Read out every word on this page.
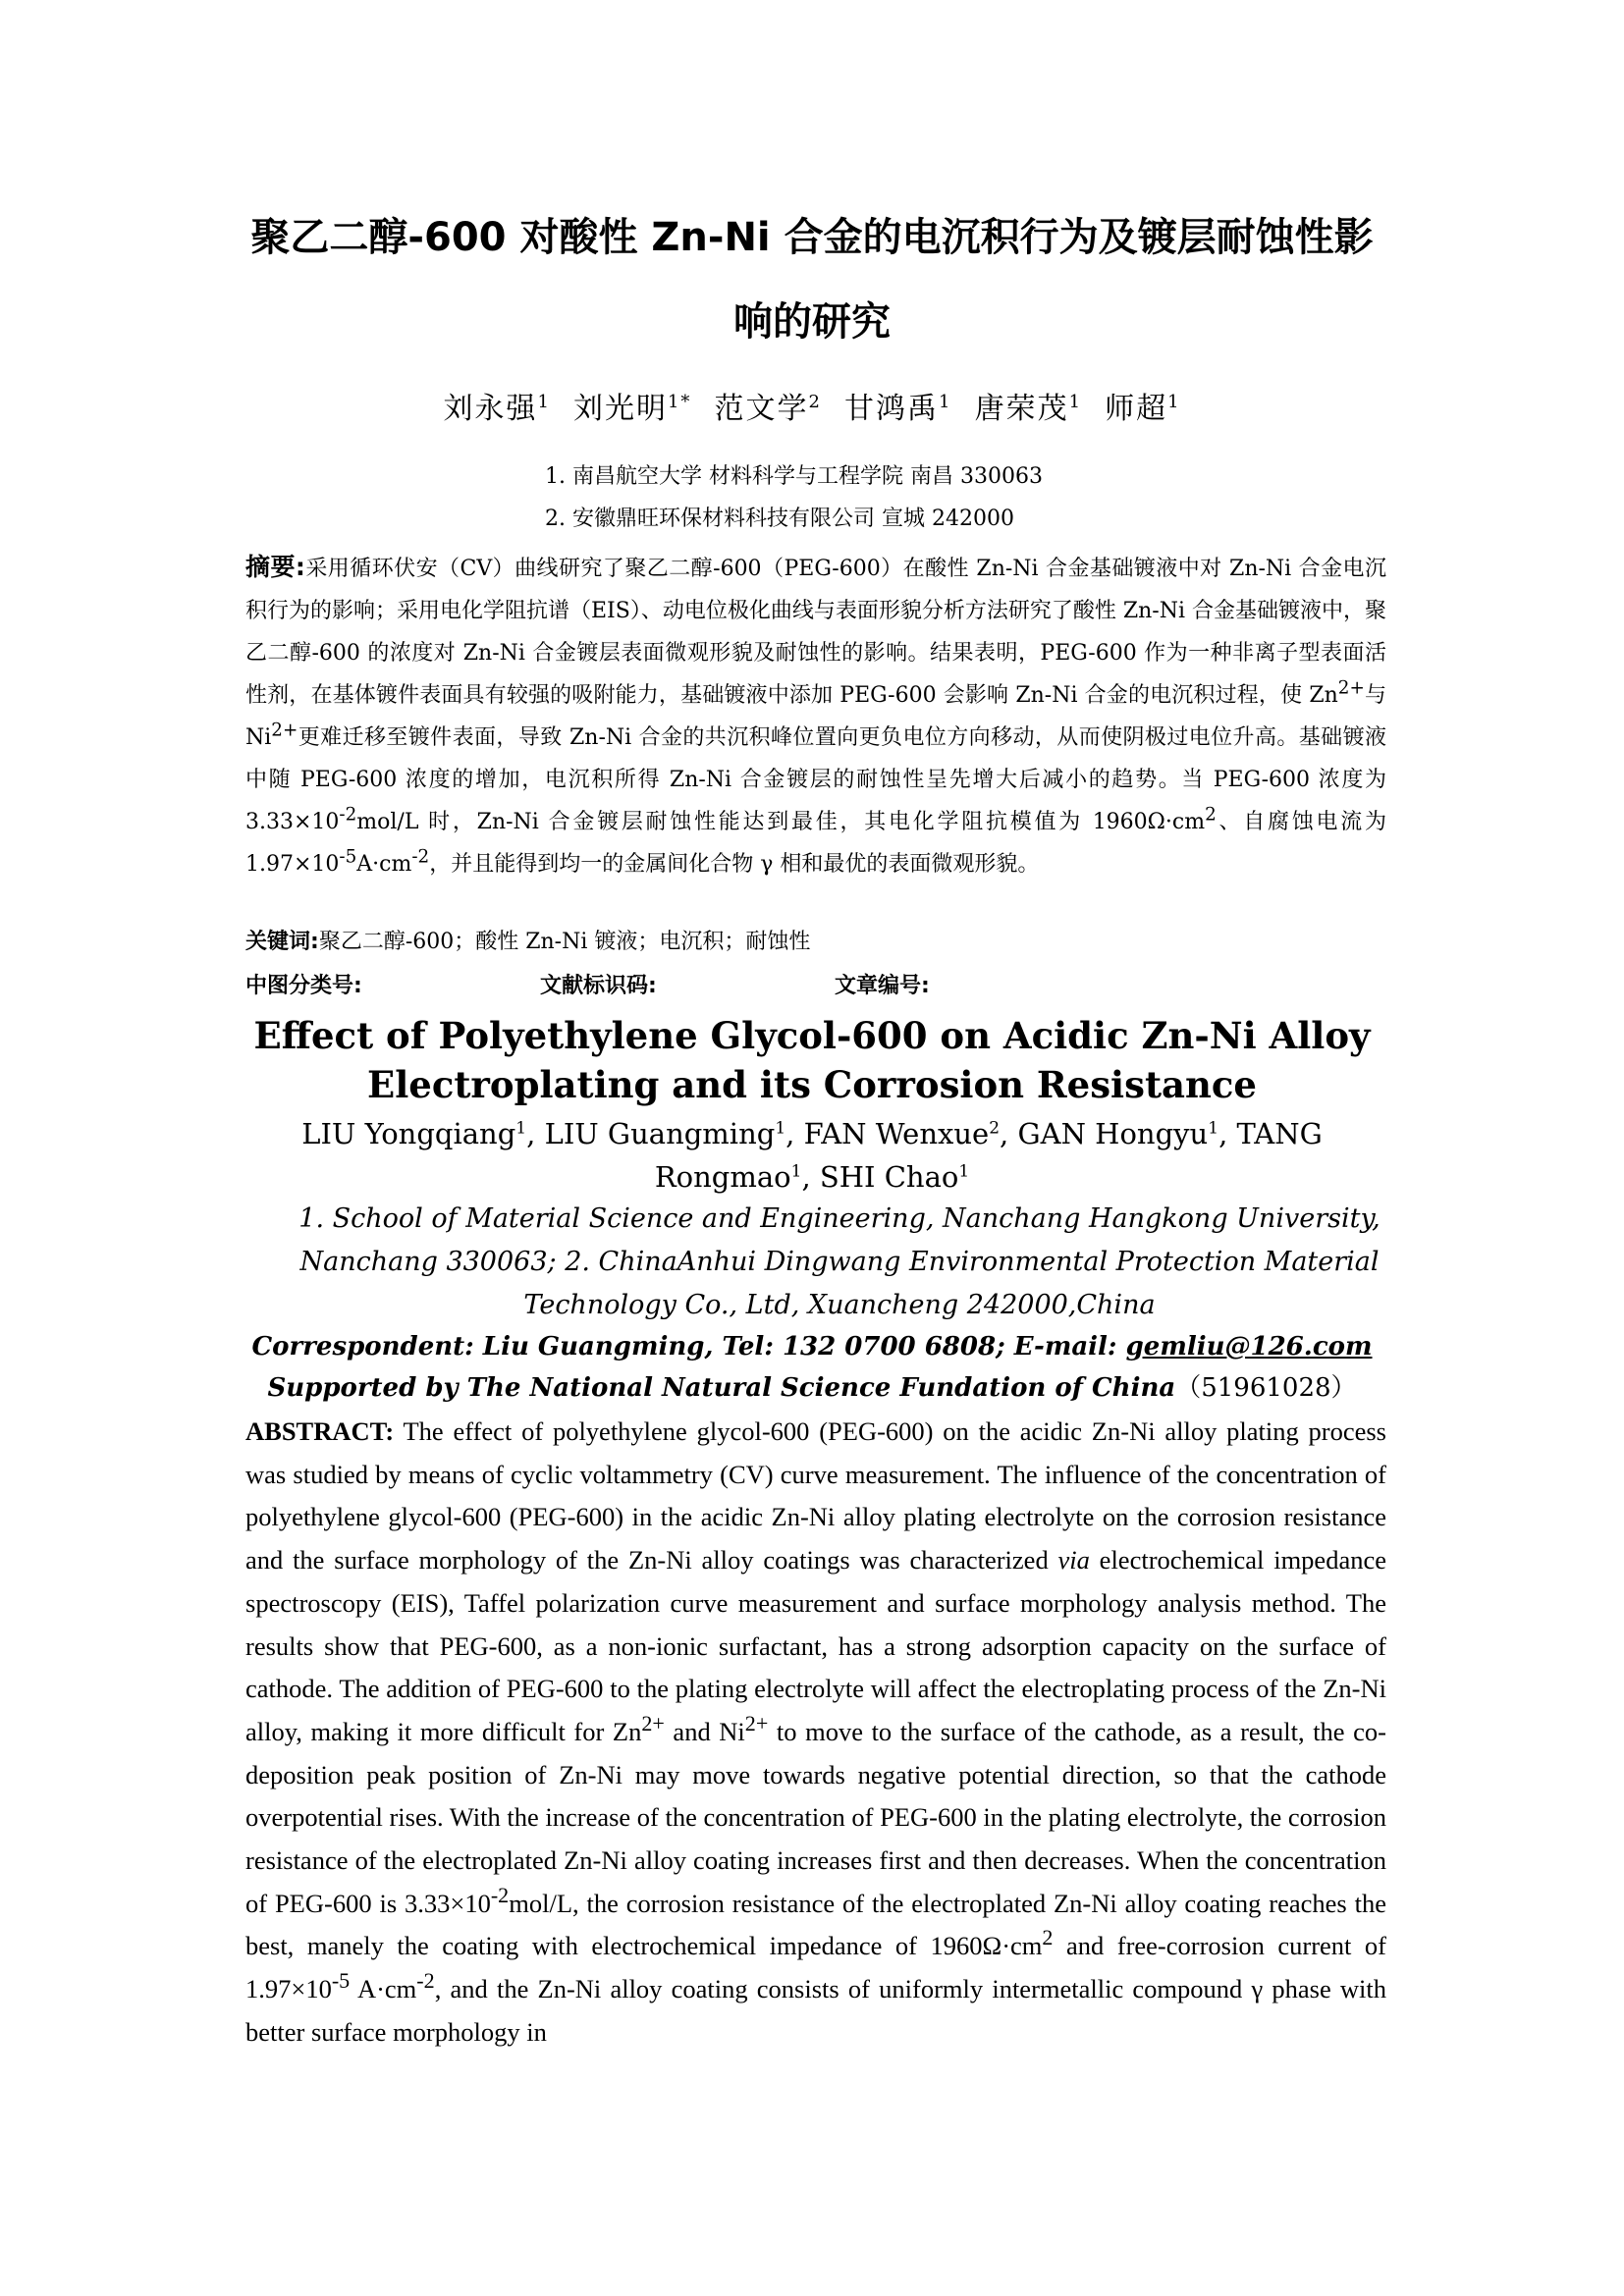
聚乙二醇-600 对酸性 Zn-Ni 合金的电沉积行为及镀层耐蚀性影
响的研究
刘永强$^1$ 刘光明$^{1*}$ 范文学$^2$ 甘鸿禹$^1$ 唐荣茂$^1$ 师超$^1$
1. 南昌航空大学 材料科学与工程学院 南昌 330063
2. 安徽鼎旺环保材料科技有限公司 宣城 242000
摘要:采用循环伏安（CV）曲线研究了聚乙二醇-600（PEG-600）在酸性 Zn-Ni 合金基础镀液中对 Zn-Ni 合金电沉积行为的影响；采用电化学阻抗谱（EIS）、动电位极化曲线与表面形貌分析方法研究了酸性 Zn-Ni 合金基础镀液中，聚乙二醇-600 的浓度对 Zn-Ni 合金镀层表面微观形貌及耐蚀性的影响。结果表明，PEG-600 作为一种非离子型表面活性剂，在基体镀件表面具有较强的吸附能力，基础镀液中添加 PEG-600 会影响 Zn-Ni 合金的电沉积过程，使 $Zn^{2+}$与 $Ni^{2+}$更难迁移至镀件表面，导致 Zn-Ni 合金的共沉积峰位置向更负电位方向移动，从而使阴极过电位升高。基础镀液中随 PEG-600 浓度的增加，电沉积所得 Zn-Ni 合金镀层的耐蚀性呈先增大后减小的趋势。当 PEG-600 浓度为 $3.33\times 10^{-2}mol/L$ 时，Zn-Ni 合金镀层耐蚀性能达到最佳，其电化学阻抗模值为 $1960\Omega\cdot cm^2$、自腐蚀电流为 $1.97\times 10^{-5}A\cdot cm^{-2}$，并且能得到均一的金属间化合物 γ 相和最优的表面微观形貌。
关键词:聚乙二醇-600；酸性 Zn-Ni 镀液；电沉积；耐蚀性
中图分类号:	文献标识码:	文章编号:
Effect of Polyethylene Glycol-600 on Acidic Zn-Ni Alloy
Electroplating and its Corrosion Resistance
LIU Yongqiang$^1$, LIU Guangming$^1$, FAN Wenxue$^2$, GAN Hongyu$^1$, TANG Rongmao$^1$, SHI Chao$^1$
1. School of Material Science and Engineering, Nanchang Hangkong University, Nanchang 330063; 2. ChinaAnhui Dingwang Environmental Protection Material Technology Co., Ltd, Xuancheng 242000,China
Correspondent: Liu Guangming, Tel: 132 0700 6808; E-mail: gemliu@126.com
Supported by The National Natural Science Fundation of China（51961028）
ABSTRACT: The effect of polyethylene glycol-600 (PEG-600) on the acidic Zn-Ni alloy plating process was studied by means of cyclic voltammetry (CV) curve measurement. The influence of the concentration of polyethylene glycol-600 (PEG-600) in the acidic Zn-Ni alloy plating electrolyte on the corrosion resistance and the surface morphology of the Zn-Ni alloy coatings was characterized via electrochemical impedance spectroscopy (EIS), Taffel polarization curve measurement and surface morphology analysis method. The results show that PEG-600, as a non-ionic surfactant, has a strong adsorption capacity on the surface of cathode. The addition of PEG-600 to the plating electrolyte will affect the electroplating process of the Zn-Ni alloy, making it more difficult for $Zn^{2+}$ and $Ni^{2+}$ to move to the surface of the cathode, as a result, the co-deposition peak position of Zn-Ni may move towards negative potential direction, so that the cathode overpotential rises. With the increase of the concentration of PEG-600 in the plating electrolyte, the corrosion resistance of the electroplated Zn-Ni alloy coating increases first and then decreases. When the concentration of PEG-600 is $3.33\times 10^{-2}mol/L$, the corrosion resistance of the electroplated Zn-Ni alloy coating reaches the best, manely the coating with electrochemical impedance of $1960\Omega\cdot cm^2$ and free-corrosion current of $1.97\times 10^{-5}$ $A\cdot cm^{-2}$, and the Zn-Ni alloy coating consists of uniformly intermetallic compound γ phase with better surface morphology in
